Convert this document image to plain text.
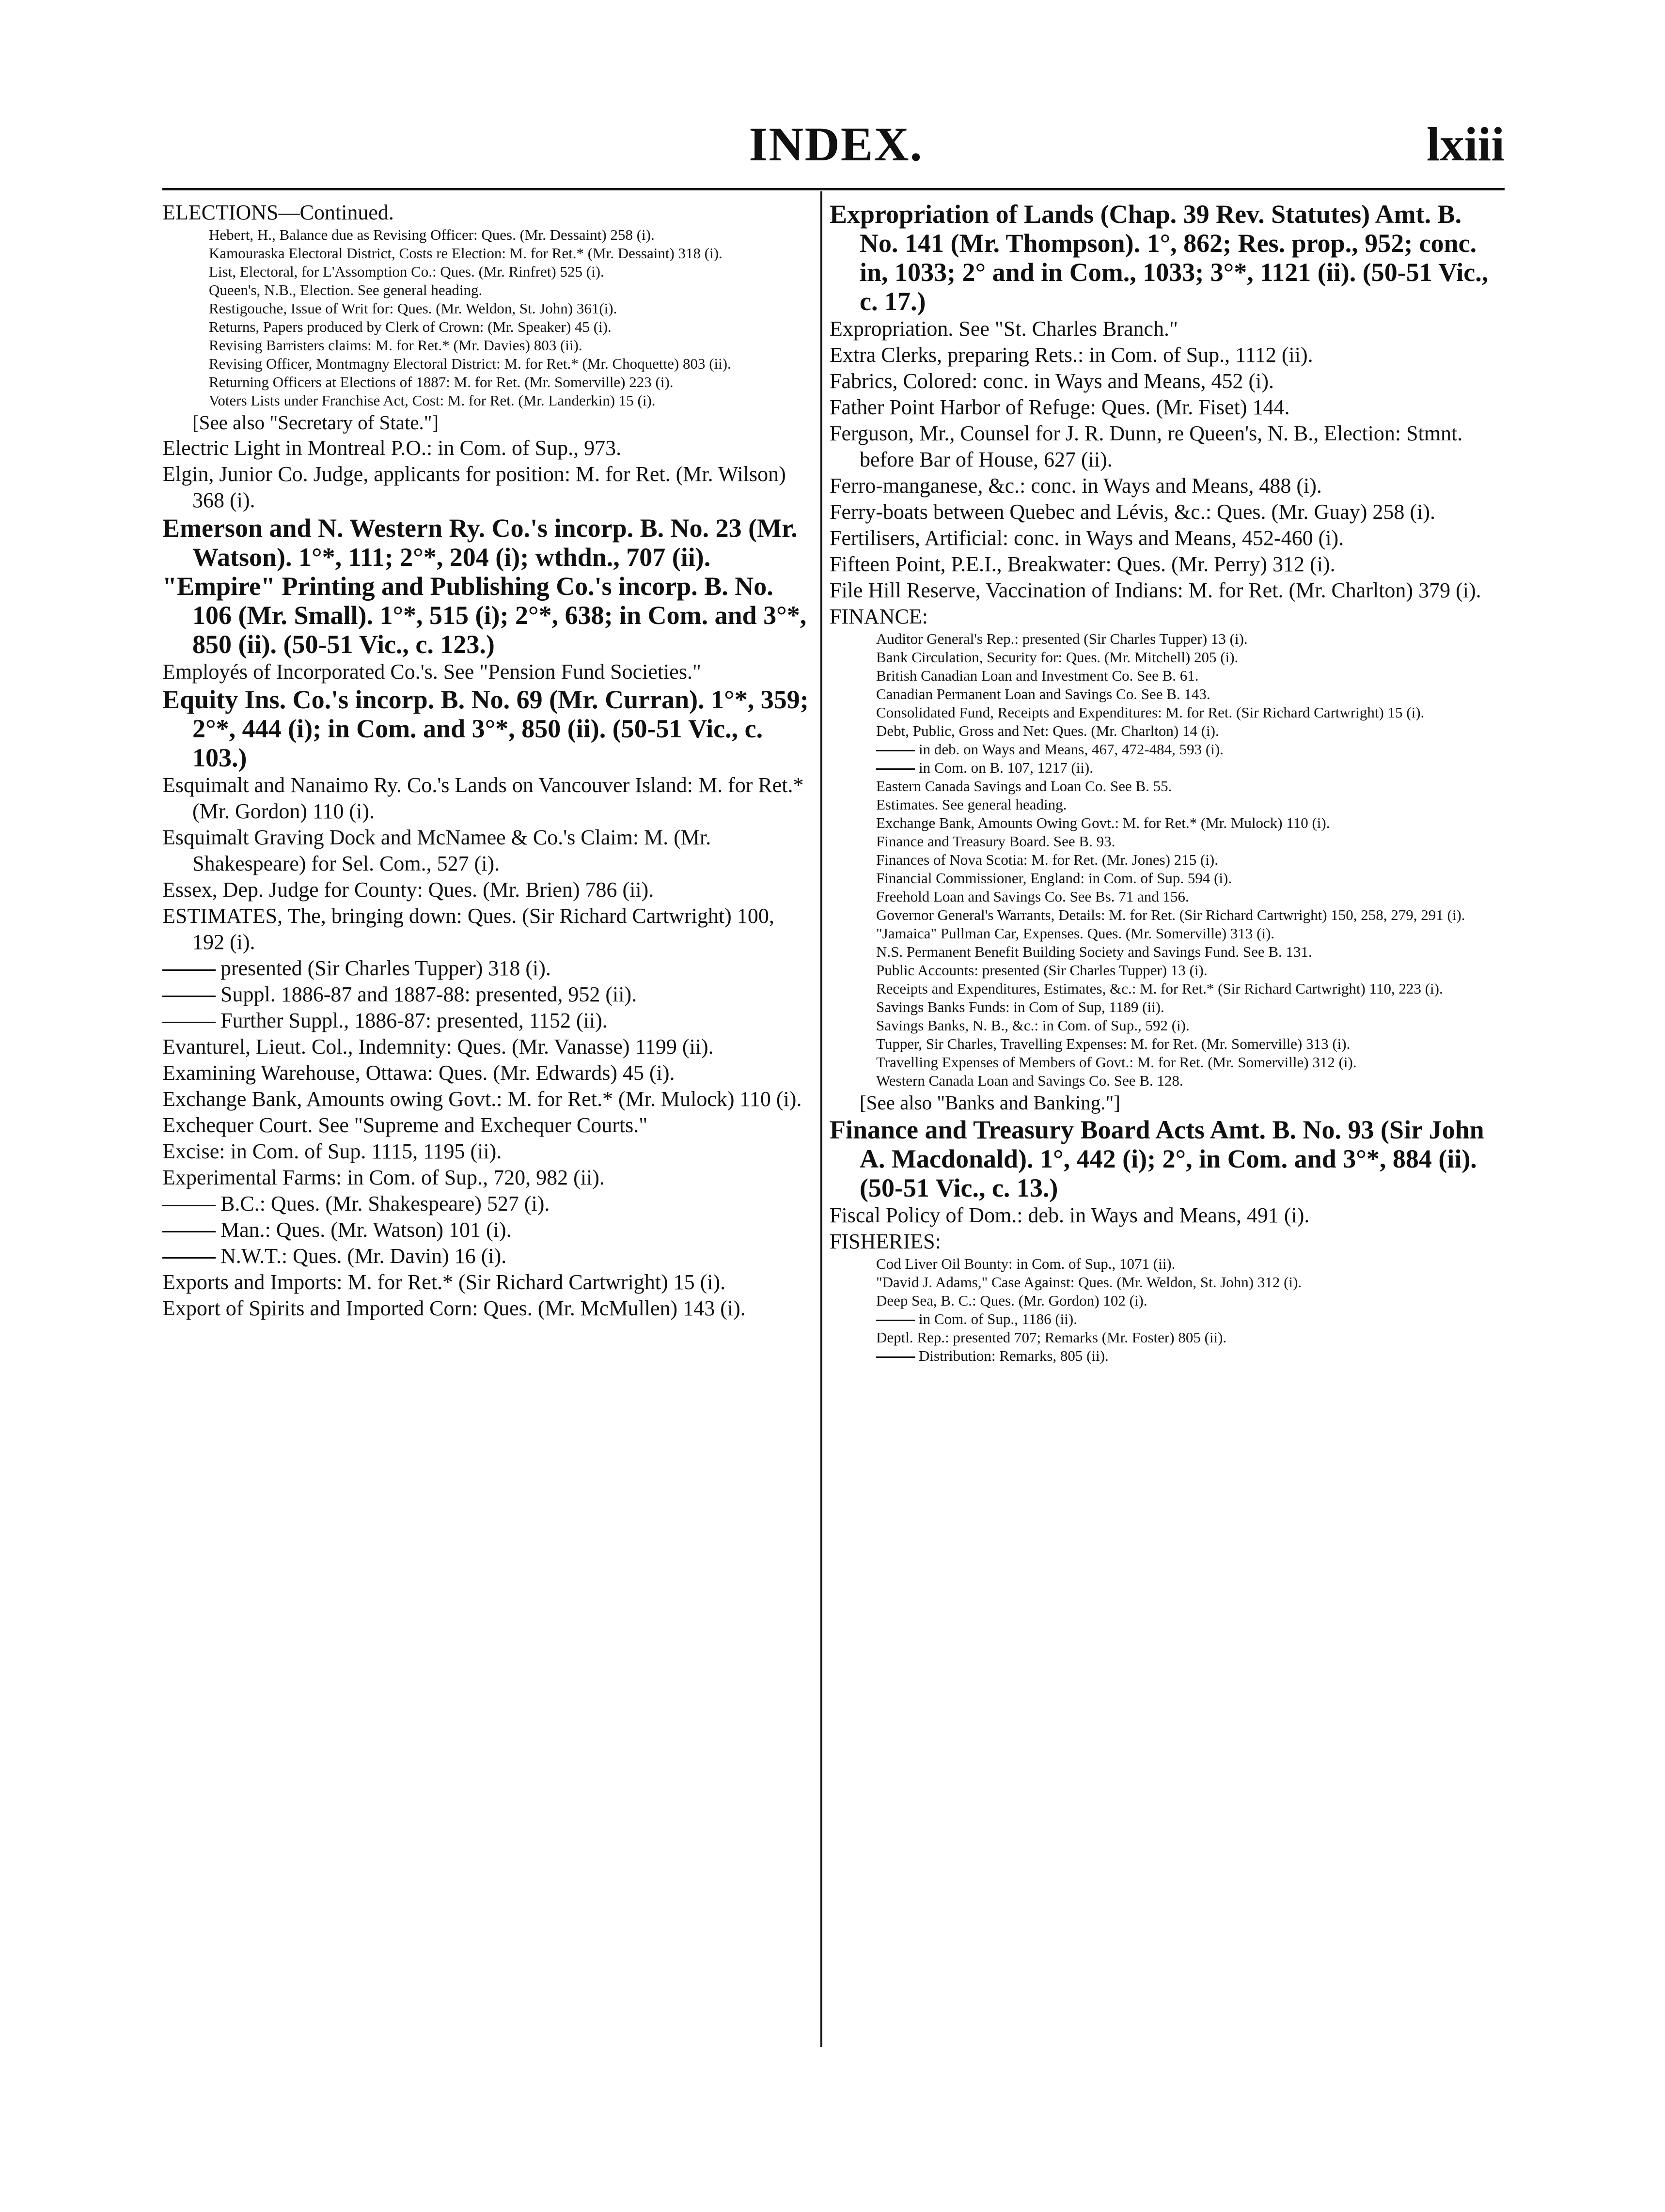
INDEX.	lxiii

ELECTIONS—Continued.

Hebert, H., Balance due as Revising Officer: Ques. (Mr. Dessaint) 258 (i).

Kamouraska Electoral District, Costs re Election: M. for Ret.* (Mr. Dessaint) 318 (i).

List, Electoral, for L'Assomption Co.: Ques. (Mr. Rinfret) 525 (i).

Queen's, N.B., Election. See general heading.

Restigouche, Issue of Writ for: Ques. (Mr. Weldon, St. John) 361(i).

Returns, Papers produced by Clerk of Crown: (Mr. Speaker) 45 (i).

Revising Barristers claims: M. for Ret.* (Mr. Davies) 803 (ii).

Revising Officer, Montmagny Electoral District: M. for Ret.* (Mr. Choquette) 803 (ii).

Returning Officers at Elections of 1887: M. for Ret. (Mr. Somerville) 223 (i).

Voters Lists under Franchise Act, Cost: M. for Ret. (Mr. Landerkin) 15 (i).

[See also "Secretary of State."]

Electric Light in Montreal P.O.: in Com. of Sup., 973.

Elgin, Junior Co. Judge, applicants for position: M. for Ret. (Mr. Wilson) 368 (i).

Emerson and N. Western Ry. Co.'s incorp. B. No. 23 (Mr. Watson). 1°*, 111; 2°*, 204 (i); wthdn., 707 (ii).

"Empire" Printing and Publishing Co.'s incorp. B. No. 106 (Mr. Small). 1°*, 515 (i); 2°*, 638; in Com. and 3°*, 850 (ii). (50-51 Vic., c. 123.)

Employés of Incorporated Co.'s. See "Pension Fund Societies."

Equity Ins. Co.'s incorp. B. No. 69 (Mr. Curran). 1°*, 359; 2°*, 444 (i); in Com. and 3°*, 850 (ii). (50-51 Vic., c. 103.)

Esquimalt and Nanaimo Ry. Co.'s Lands on Vancouver Island: M. for Ret.* (Mr. Gordon) 110 (i).

Esquimalt Graving Dock and McNamee & Co.'s Claim: M. (Mr. Shakespeare) for Sel. Com., 527 (i).

Essex, Dep. Judge for County: Ques. (Mr. Brien) 786 (ii).

ESTIMATES, The, bringing down: Ques. (Sir Richard Cartwright) 100, 192 (i).

presented (Sir Charles Tupper) 318 (i).

Suppl. 1886-87 and 1887-88: presented, 952 (ii).

Further Suppl., 1886-87: presented, 1152 (ii).

Evanturel, Lieut. Col., Indemnity: Ques. (Mr. Vanasse) 1199 (ii).

Examining Warehouse, Ottawa: Ques. (Mr. Edwards) 45 (i).

Exchange Bank, Amounts owing Govt.: M. for Ret.* (Mr. Mulock) 110 (i).

Exchequer Court. See "Supreme and Exchequer Courts."

Excise: in Com. of Sup. 1115, 1195 (ii).

Experimental Farms: in Com. of Sup., 720, 982 (ii).

B.C.: Ques. (Mr. Shakespeare) 527 (i).

Man.: Ques. (Mr. Watson) 101 (i).

N.W.T.: Ques. (Mr. Davin) 16 (i).

Exports and Imports: M. for Ret.* (Sir Richard Cartwright) 15 (i).

Export of Spirits and Imported Corn: Ques. (Mr. McMullen) 143 (i).

Expropriation of Lands (Chap. 39 Rev. Statutes) Amt. B. No. 141 (Mr. Thompson). 1°, 862; Res. prop., 952; conc. in, 1033; 2° and in Com., 1033; 3°*, 1121 (ii). (50-51 Vic., c. 17.)

Expropriation. See "St. Charles Branch."

Extra Clerks, preparing Rets.: in Com. of Sup., 1112 (ii).

Fabrics, Colored: conc. in Ways and Means, 452 (i).

Father Point Harbor of Refuge: Ques. (Mr. Fiset) 144.

Ferguson, Mr., Counsel for J. R. Dunn, re Queen's, N. B., Election: Stmnt. before Bar of House, 627 (ii).

Ferro-manganese, &c.: conc. in Ways and Means, 488 (i).

Ferry-boats between Quebec and Lévis, &c.: Ques. (Mr. Guay) 258 (i).

Fertilisers, Artificial: conc. in Ways and Means, 452-460 (i).

Fifteen Point, P.E.I., Breakwater: Ques. (Mr. Perry) 312 (i).

File Hill Reserve, Vaccination of Indians: M. for Ret. (Mr. Charlton) 379 (i).

FINANCE:

Auditor General's Rep.: presented (Sir Charles Tupper) 13 (i).

Bank Circulation, Security for: Ques. (Mr. Mitchell) 205 (i).

British Canadian Loan and Investment Co. See B. 61.

Canadian Permanent Loan and Savings Co. See B. 143.

Consolidated Fund, Receipts and Expenditures: M. for Ret. (Sir Richard Cartwright) 15 (i).

Debt, Public, Gross and Net: Ques. (Mr. Charlton) 14 (i).

in deb. on Ways and Means, 467, 472-484, 593 (i).

in Com. on B. 107, 1217 (ii).

Eastern Canada Savings and Loan Co. See B. 55.

Estimates. See general heading.

Exchange Bank, Amounts Owing Govt.: M. for Ret.* (Mr. Mulock) 110 (i).

Finance and Treasury Board. See B. 93.

Finances of Nova Scotia: M. for Ret. (Mr. Jones) 215 (i).

Financial Commissioner, England: in Com. of Sup. 594 (i).

Freehold Loan and Savings Co. See Bs. 71 and 156.

Governor General's Warrants, Details: M. for Ret. (Sir Richard Cartwright) 150, 258, 279, 291 (i).

"Jamaica" Pullman Car, Expenses. Ques. (Mr. Somerville) 313 (i).

N.S. Permanent Benefit Building Society and Savings Fund. See B. 131.

Public Accounts: presented (Sir Charles Tupper) 13 (i).

Receipts and Expenditures, Estimates, &c.: M. for Ret.* (Sir Richard Cartwright) 110, 223 (i).

Savings Banks Funds: in Com of Sup, 1189 (ii).

Savings Banks, N. B., &c.: in Com. of Sup., 592 (i).

Tupper, Sir Charles, Travelling Expenses: M. for Ret. (Mr. Somerville) 313 (i).

Travelling Expenses of Members of Govt.: M. for Ret. (Mr. Somerville) 312 (i).

Western Canada Loan and Savings Co. See B. 128.

[See also "Banks and Banking."]

Finance and Treasury Board Acts Amt. B. No. 93 (Sir John A. Macdonald). 1°, 442 (i); 2°, in Com. and 3°*, 884 (ii). (50-51 Vic., c. 13.)

Fiscal Policy of Dom.: deb. in Ways and Means, 491 (i).

FISHERIES:

Cod Liver Oil Bounty: in Com. of Sup., 1071 (ii).

"David J. Adams," Case Against: Ques. (Mr. Weldon, St. John) 312 (i).

Deep Sea, B. C.: Ques. (Mr. Gordon) 102 (i).

in Com. of Sup., 1186 (ii).

Deptl. Rep.: presented 707; Remarks (Mr. Foster) 805 (ii).

Distribution: Remarks, 805 (ii).
